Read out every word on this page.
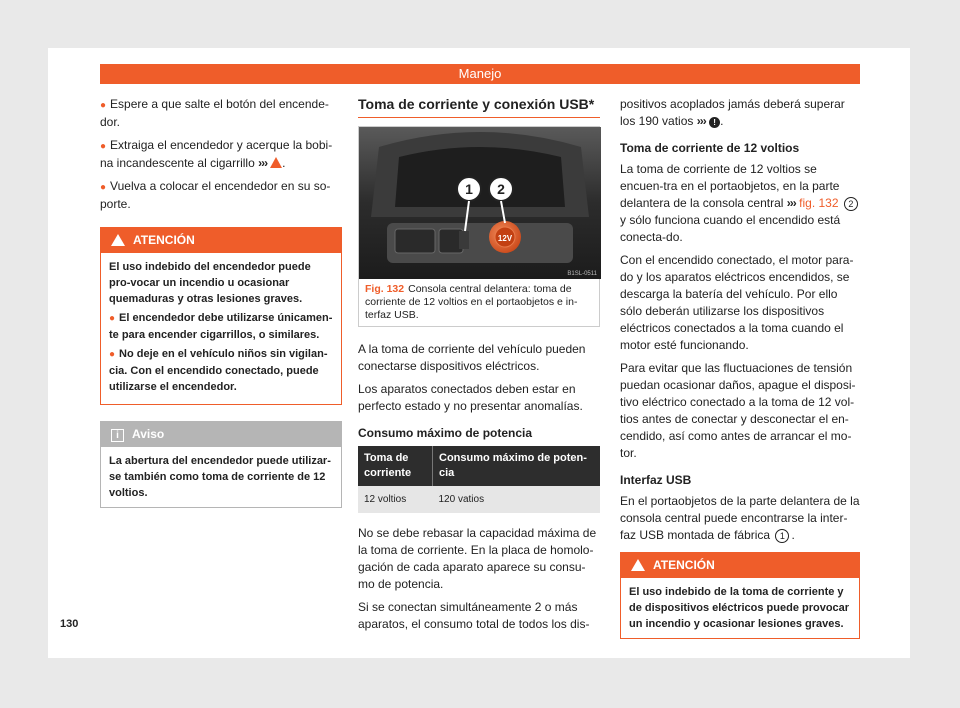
Manejo
● Espere a que salte el botón del encende-dor.
● Extraiga el encendedor y acerque la bobi-na incandescente al cigarrillo ››› .
● Vuelva a colocar el encendedor en su so-porte.
ATENCIÓN

El uso indebido del encendedor puede pro-vocar un incendio u ocasionar quemaduras y otras lesiones graves.

● El encendedor debe utilizarse únicamen-te para encender cigarrillos, o similares.

● No deje en el vehículo niños sin vigilan-cia. Con el encendido conectado, puede utilizarse el encendedor.

i Aviso
La abertura del encendedor puede utilizar-se también como toma de corriente de 12 voltios.
Toma de corriente y conexión USB*
1 2
12V
B1SL-0511
Fig. 132 Consola central delantera: toma de corriente de 12 voltios en el portaobjetos e in-terfaz USB.

A la toma de corriente del vehículo pueden conectarse dispositivos eléctricos.

Los aparatos conectados deben estar en perfecto estado y no presentar anomalías.

Consumo máximo de potencia
Toma de corriente	Consumo máximo de poten-cia
12 voltios	120 vatios

No se debe rebasar la capacidad máxima de la toma de corriente. En la placa de homolo-gación de cada aparato aparece su consu-mo de potencia.

Si se conectan simultáneamente 2 o más aparatos, el consumo total de todos los dis-

positivos acoplados jamás deberá superar los 190 vatios ››› ! .

Toma de corriente de 12 voltios

La toma de corriente de 12 voltios se encuen-tra en el portaobjetos, en la parte delantera de la consola central ››› fig. 132 2 y sólo funciona cuando el encendido está conecta-do.

Con el encendido conectado, el motor para-do y los aparatos eléctricos encendidos, se descarga la batería del vehículo. Por ello sólo deberán utilizarse los dispositivos eléctricos conectados a la toma cuando el motor esté funcionando.

Para evitar que las fluctuaciones de tensión puedan ocasionar daños, apague el disposi-tivo eléctrico conectado a la toma de 12 vol-tios antes de conectar y desconectar el en-cendido, así como antes de arrancar el mo-tor.

Interfaz USB

En el portaobjetos de la parte delantera de la consola central puede encontrarse la inter-faz USB montada de fábrica 1 .

ATENCIÓN
El uso indebido de la toma de corriente y de dispositivos eléctricos puede provocar un incendio y ocasionar lesiones graves.
130
